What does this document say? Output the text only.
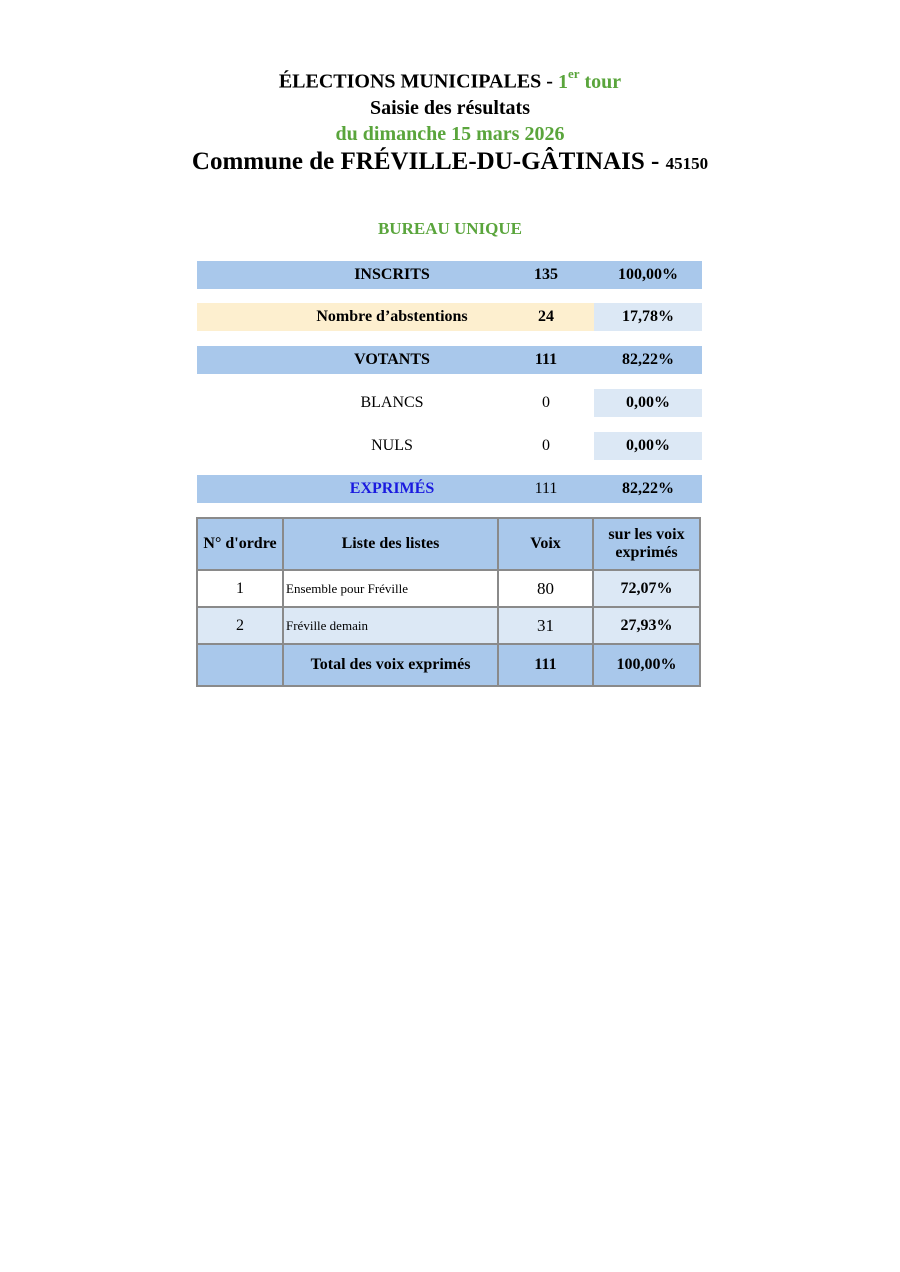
ÉLECTIONS MUNICIPALES - 1er tour
Saisie des résultats
du dimanche 15 mars 2026
Commune de FRÉVILLE-DU-GÂTINAIS - 45150
BUREAU UNIQUE
INSCRITS	135	100,00%
Nombre d’abstentions	24	17,78%
VOTANTS	111	82,22%
BLANCS	0	0,00%
NULS	0	0,00%
EXPRIMÉS	111	82,22%
N° d'ordre	Liste des listes	Voix	sur les voix exprimés
1	Ensemble pour Fréville	80	72,07%
2	Fréville demain	31	27,93%
	Total des voix exprimés	111	100,00%
